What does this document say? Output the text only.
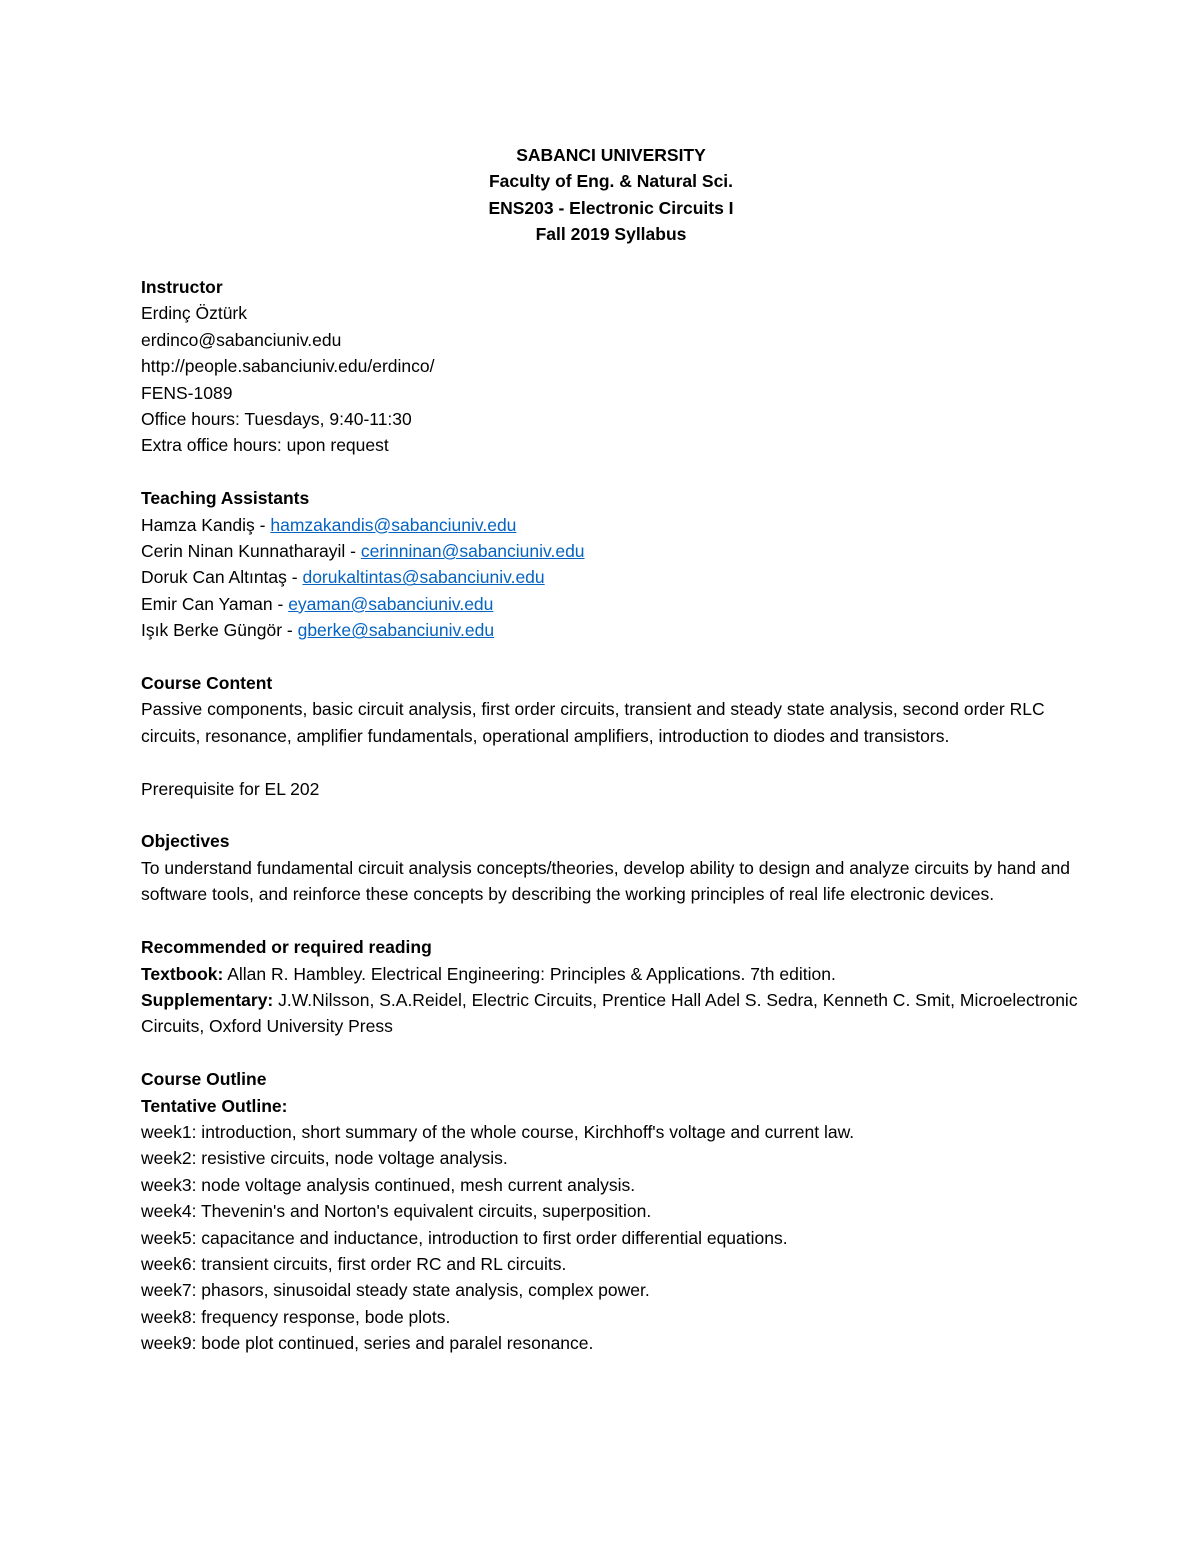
SABANCI UNIVERSITY
Faculty of Eng. & Natural Sci.
ENS203 - Electronic Circuits I
Fall 2019 Syllabus
Instructor
Erdinç Öztürk
erdinco@sabanciuniv.edu
http://people.sabanciuniv.edu/erdinco/
FENS-1089
Office hours: Tuesdays, 9:40-11:30
Extra office hours: upon request
Teaching Assistants
Hamza Kandiş - hamzakandis@sabanciuniv.edu
Cerin Ninan Kunnatharayil - cerinninan@sabanciuniv.edu
Doruk Can Altıntaş - dorukaltintas@sabanciuniv.edu
Emir Can Yaman - eyaman@sabanciuniv.edu
Işık Berke Güngör - gberke@sabanciuniv.edu
Course Content
Passive components, basic circuit analysis, first order circuits, transient and steady state analysis, second order RLC circuits, resonance, amplifier fundamentals, operational amplifiers, introduction to diodes and transistors.
Prerequisite for EL 202
Objectives
To understand fundamental circuit analysis concepts/theories, develop ability to design and analyze circuits by hand and software tools, and reinforce these concepts by describing the working principles of real life electronic devices.
Recommended or required reading
Textbook: Allan R. Hambley. Electrical Engineering: Principles & Applications. 7th edition.
Supplementary: J.W.Nilsson, S.A.Reidel, Electric Circuits, Prentice Hall Adel S. Sedra, Kenneth C. Smit, Microelectronic Circuits, Oxford University Press
Course Outline
Tentative Outline:
week1: introduction, short summary of the whole course, Kirchhoff's voltage and current law.
week2: resistive circuits, node voltage analysis.
week3: node voltage analysis continued, mesh current analysis.
week4: Thevenin's and Norton's equivalent circuits, superposition.
week5: capacitance and inductance, introduction to first order differential equations.
week6: transient circuits, first order RC and RL circuits.
week7: phasors, sinusoidal steady state analysis, complex power.
week8: frequency response, bode plots.
week9: bode plot continued, series and paralel resonance.
